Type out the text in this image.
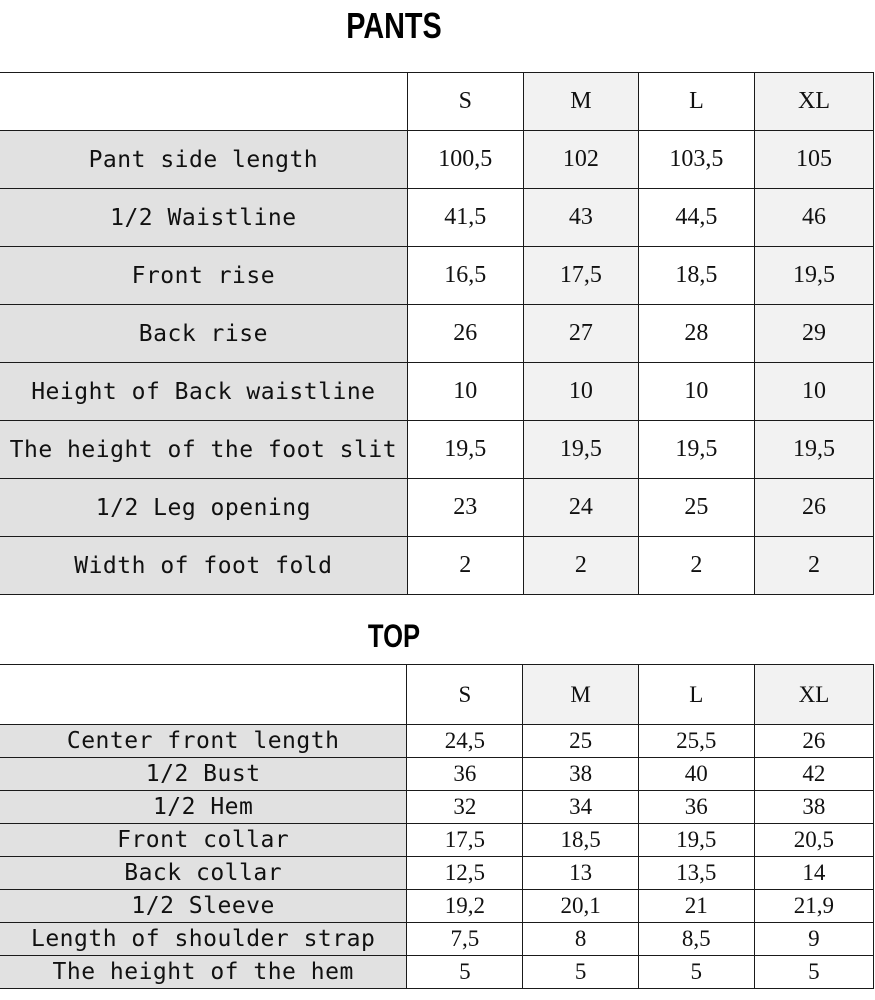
PANTS
	S	M	L	XL
Pant side length	100,5	102	103,5	105
1/2 Waistline	41,5	43	44,5	46
Front rise	16,5	17,5	18,5	19,5
Back rise	26	27	28	29
Height of Back waistline	10	10	10	10
The height of the foot slit	19,5	19,5	19,5	19,5
1/2 Leg opening	23	24	25	26
Width of foot fold	2	2	2	2
TOP
	S	M	L	XL
Center front length	24,5	25	25,5	26
1/2 Bust	36	38	40	42
1/2 Hem	32	34	36	38
Front collar	17,5	18,5	19,5	20,5
Back collar	12,5	13	13,5	14
1/2 Sleeve	19,2	20,1	21	21,9
Length of shoulder strap	7,5	8	8,5	9
The height of the hem	5	5	5	5
